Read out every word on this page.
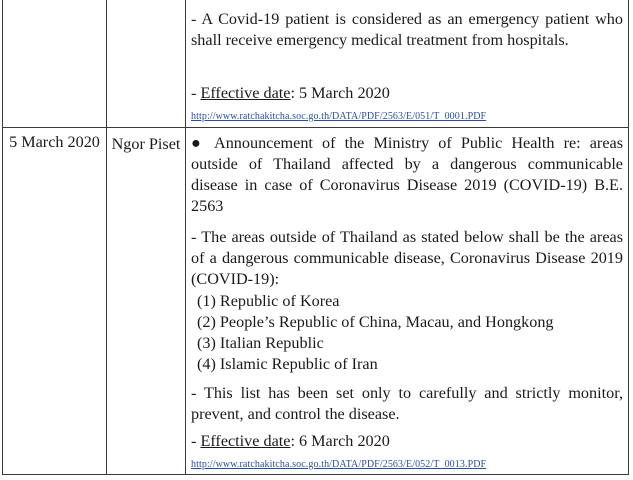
- A Covid-19 patient is considered as an emergency patient who shall receive emergency medical treatment from hospitals.
- Effective date: 5 March 2020
http://www.ratchakitcha.soc.go.th/DATA/PDF/2563/E/051/T_0001.PDF
5 March 2020 Ngor Piset ● Announcement of the Ministry of Public Health re: areas outside of Thailand affected by a dangerous communicable disease in case of Coronavirus Disease 2019 (COVID-19) B.E. 2563
- The areas outside of Thailand as stated below shall be the areas of a dangerous communicable disease, Coronavirus Disease 2019 (COVID-19):
(1) Republic of Korea
(2) People’s Republic of China, Macau, and Hongkong
(3) Italian Republic
(4) Islamic Republic of Iran
- This list has been set only to carefully and strictly monitor, prevent, and control the disease.
- Effective date: 6 March 2020
http://www.ratchakitcha.soc.go.th/DATA/PDF/2563/E/052/T_0013.PDF
